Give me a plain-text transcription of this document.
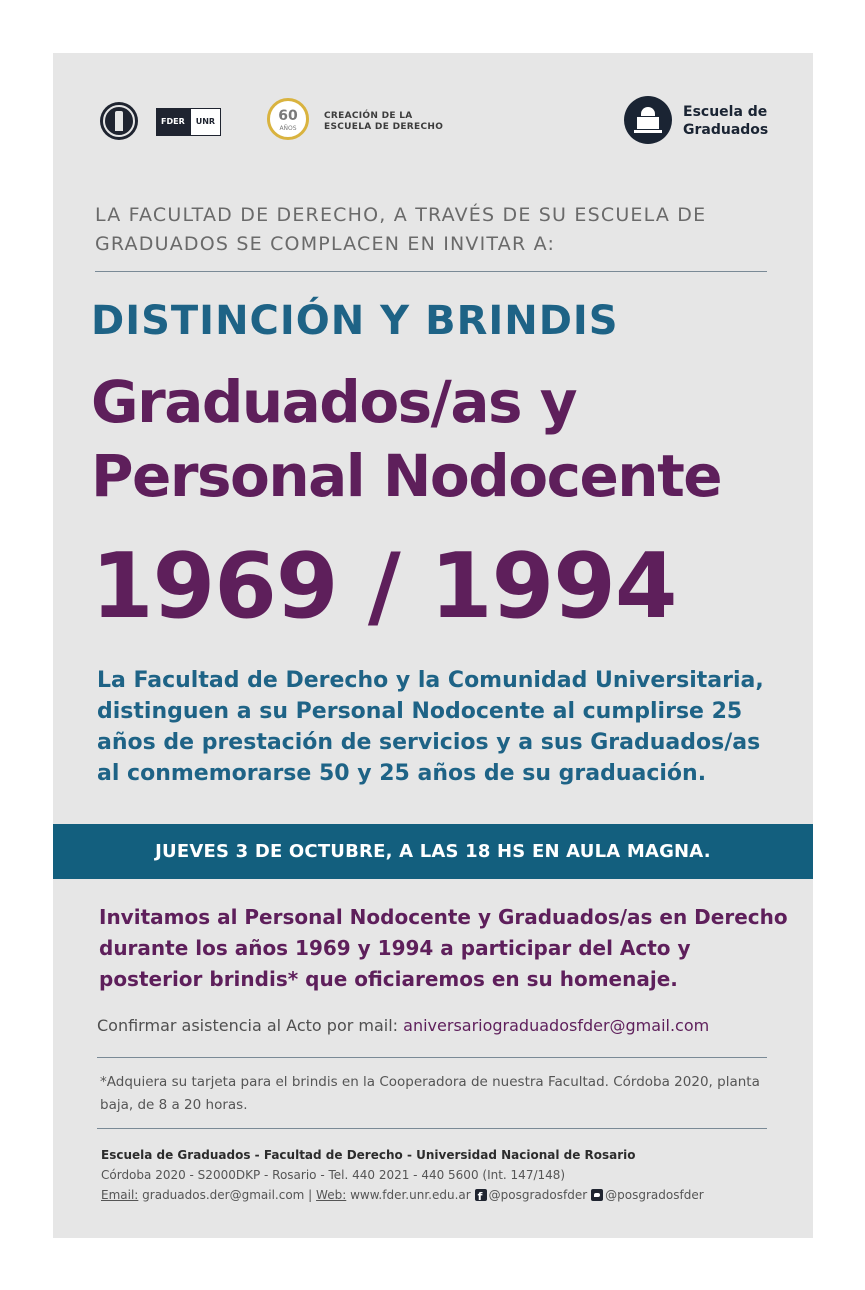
FDER	UNR	60
AÑOS
CREACIÓN DE LA
ESCUELA DE DERECHO
Escuela de
Graduados
LA FACULTAD DE DERECHO, A TRAVÉS DE SU ESCUELA DE GRADUADOS SE COMPLACEN EN INVITAR A:
DISTINCIÓN Y BRINDIS
Graduados/as y
Personal Nodocente
1969 / 1994
La Facultad de Derecho y la Comunidad Universitaria, distinguen a su Personal Nodocente al cumplirse 25 años de prestación de servicios y a sus Graduados/as al conmemorarse 50 y 25 años de su graduación.
JUEVES 3 DE OCTUBRE, A LAS 18 HS EN AULA MAGNA.
Invitamos al Personal Nodocente y Graduados/as en Derecho durante los años 1969 y 1994 a participar del Acto y posterior brindis* que oficiaremos en su homenaje.
Confirmar asistencia al Acto por mail: aniversariograduadosfder@gmail.com
*Adquiera su tarjeta para el brindis en la Cooperadora de nuestra Facultad. Córdoba 2020, planta baja, de 8 a 20 horas.
Escuela de Graduados - Facultad de Derecho - Universidad Nacional de Rosario
Córdoba 2020 - S2000DKP - Rosario - Tel. 440 2021 - 440 5600 (Int. 147/148)
Email: graduados.der@gmail.com | Web: www.fder.unr.edu.arf @posgradosfder @posgradosfder
